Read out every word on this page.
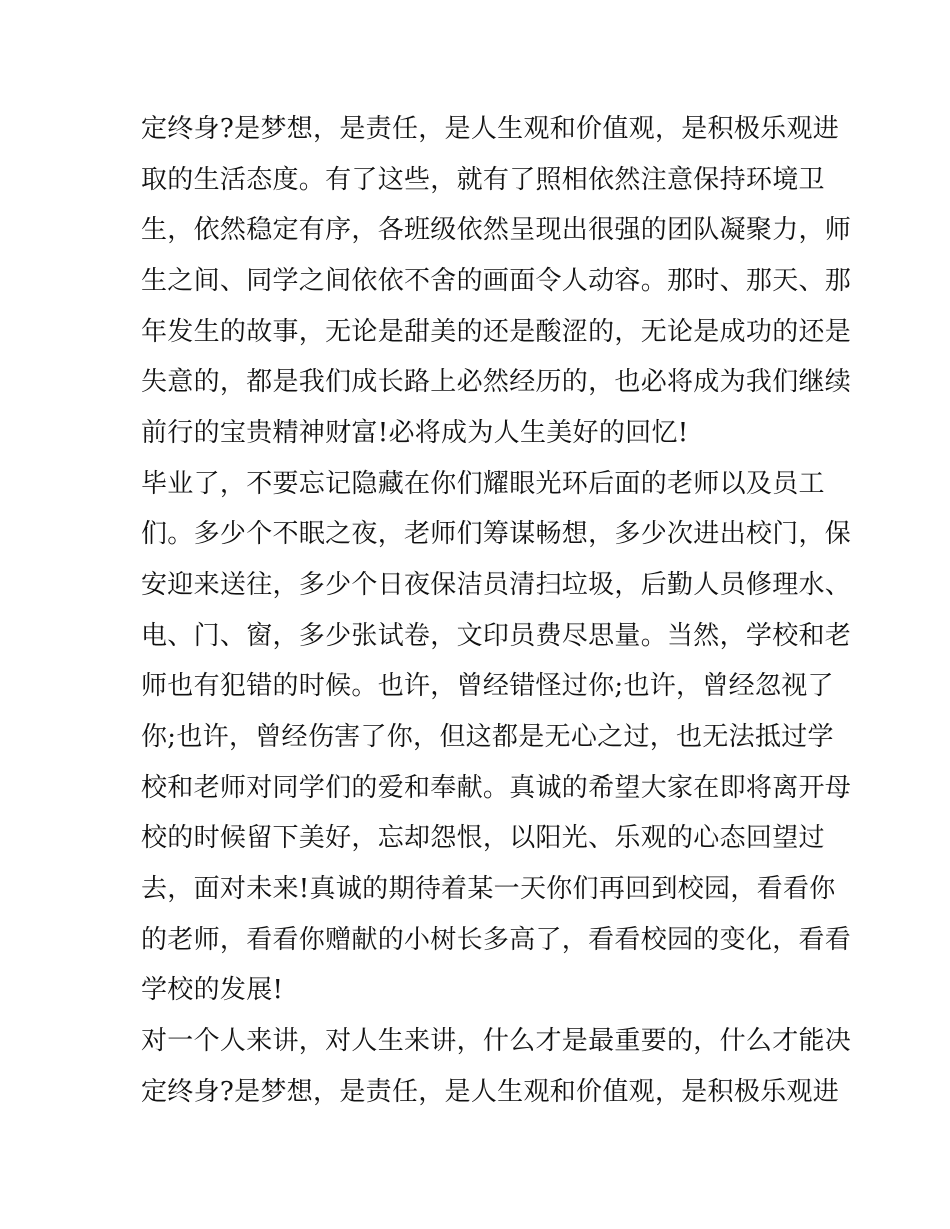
定终身?是梦想，是责任，是人生观和价值观，是积极乐观进
取的生活态度。有了这些，就有了照相依然注意保持环境卫
生，依然稳定有序，各班级依然呈现出很强的团队凝聚力，师
生之间、同学之间依依不舍的画面令人动容。那时、那天、那
年发生的故事，无论是甜美的还是酸涩的，无论是成功的还是
失意的，都是我们成长路上必然经历的，也必将成为我们继续
前行的宝贵精神财富!必将成为人生美好的回忆!
毕业了，不要忘记隐藏在你们耀眼光环后面的老师以及员工
们。多少个不眠之夜，老师们筹谋畅想，多少次进出校门，保
安迎来送往，多少个日夜保洁员清扫垃圾，后勤人员修理水、
电、门、窗，多少张试卷，文印员费尽思量。当然，学校和老
师也有犯错的时候。也许，曾经错怪过你;也许，曾经忽视了
你;也许，曾经伤害了你，但这都是无心之过，也无法抵过学
校和老师对同学们的爱和奉献。真诚的希望大家在即将离开母
校的时候留下美好，忘却怨恨，以阳光、乐观的心态回望过
去，面对未来!真诚的期待着某一天你们再回到校园，看看你
的老师，看看你赠献的小树长多高了，看看校园的变化，看看
学校的发展!
对一个人来讲，对人生来讲，什么才是最重要的，什么才能决
定终身?是梦想，是责任，是人生观和价值观，是积极乐观进
